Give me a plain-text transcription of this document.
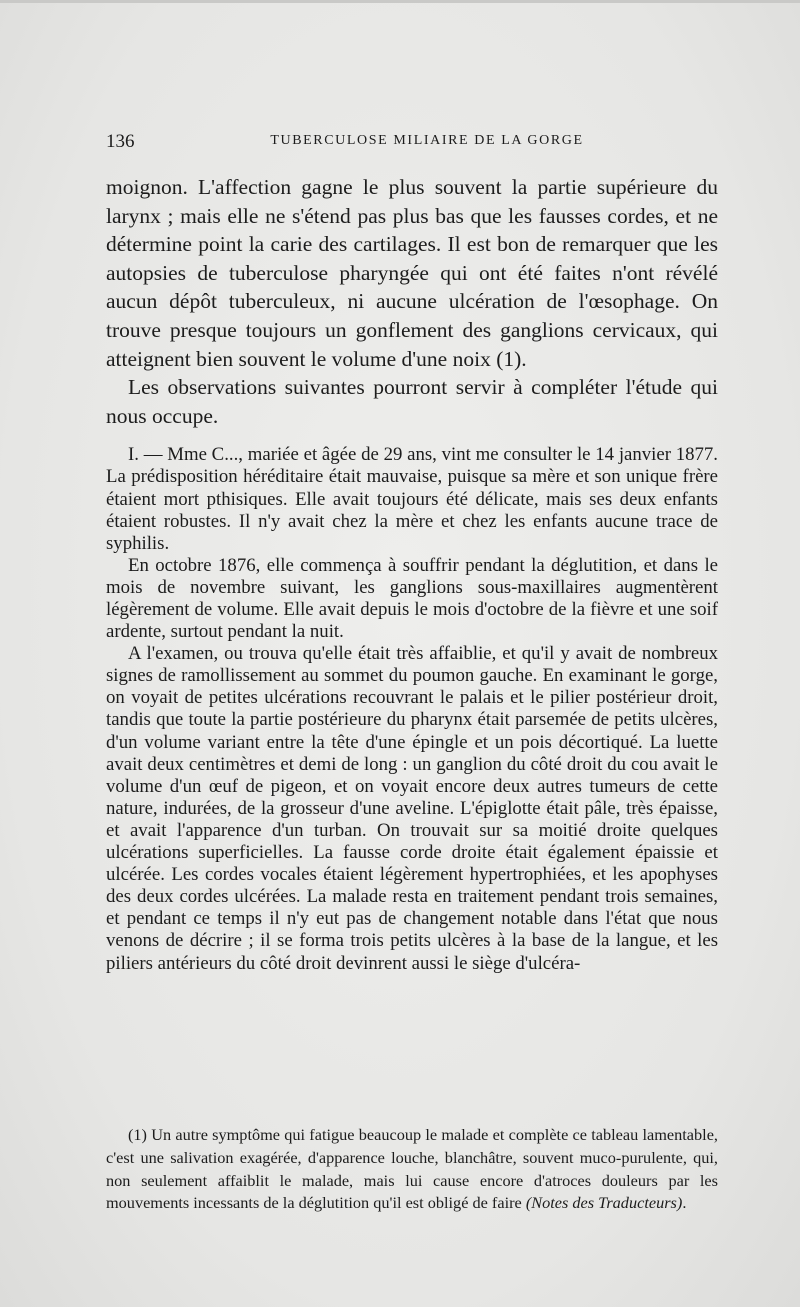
136	TUBERCULOSE MILIAIRE DE LA GORGE

moignon. L'affection gagne le plus souvent la partie supérieure du larynx ; mais elle ne s'étend pas plus bas que les fausses cordes, et ne détermine point la carie des cartilages. Il est bon de remarquer que les autopsies de tuberculose pharyngée qui ont été faites n'ont révélé aucun dépôt tuberculeux, ni aucune ulcération de l'œsophage. On trouve presque toujours un gonflement des ganglions cervicaux, qui atteignent bien souvent le volume d'une noix (1).

Les observations suivantes pourront servir à compléter l'étude qui nous occupe.

I. — Mme C..., mariée et âgée de 29 ans, vint me consulter le 14 janvier 1877. La prédisposition héréditaire était mauvaise, puisque sa mère et son unique frère étaient mort pthisiques. Elle avait toujours été délicate, mais ses deux enfants étaient robustes. Il n'y avait chez la mère et chez les enfants aucune trace de syphilis.

En octobre 1876, elle commença à souffrir pendant la déglutition, et dans le mois de novembre suivant, les ganglions sous-maxillaires augmentèrent légèrement de volume. Elle avait depuis le mois d'octobre de la fièvre et une soif ardente, surtout pendant la nuit.

A l'examen, ou trouva qu'elle était très affaiblie, et qu'il y avait de nombreux signes de ramollissement au sommet du poumon gauche. En examinant le gorge, on voyait de petites ulcérations recouvrant le palais et le pilier postérieur droit, tandis que toute la partie postérieure du pharynx était parsemée de petits ulcères, d'un volume variant entre la tête d'une épingle et un pois décortiqué. La luette avait deux centimètres et demi de long : un ganglion du côté droit du cou avait le volume d'un œuf de pigeon, et on voyait encore deux autres tumeurs de cette nature, indurées, de la grosseur d'une aveline. L'épiglotte était pâle, très épaisse, et avait l'apparence d'un turban. On trouvait sur sa moitié droite quelques ulcérations superficielles. La fausse corde droite était également épaissie et ulcérée. Les cordes vocales étaient légèrement hypertrophiées, et les apophyses des deux cordes ulcérées. La malade resta en traitement pendant trois semaines, et pendant ce temps il n'y eut pas de changement notable dans l'état que nous venons de décrire ; il se forma trois petits ulcères à la base de la langue, et les piliers antérieurs du côté droit devinrent aussi le siège d'ulcéra-

(1) Un autre symptôme qui fatigue beaucoup le malade et complète ce tableau lamentable, c'est une salivation exagérée, d'apparence louche, blanchâtre, souvent muco-purulente, qui, non seulement affaiblit le malade, mais lui cause encore d'atroces douleurs par les mouvements incessants de la déglutition qu'il est obligé de faire (Notes des Traducteurs).
